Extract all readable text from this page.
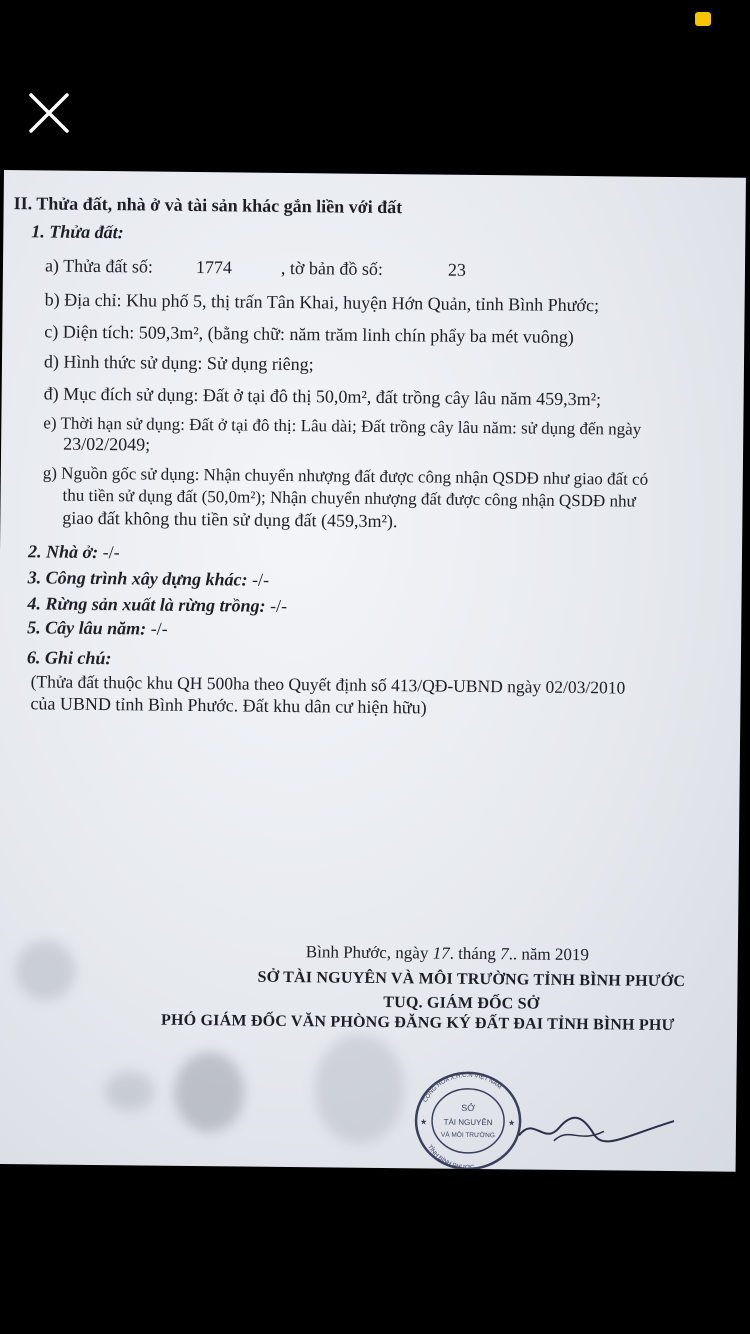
II. Thửa đất, nhà ở và tài sản khác gắn liền với đất
1. Thửa đất:
a) Thửa đất số: 1774	, tờ bản đồ số:	23
b) Địa chỉ: Khu phố 5, thị trấn Tân Khai, huyện Hớn Quản, tỉnh Bình Phước;
c) Diện tích: 509,3m², (bằng chữ: năm trăm linh chín phẩy ba mét vuông)
d) Hình thức sử dụng: Sử dụng riêng;
đ) Mục đích sử dụng: Đất ở tại đô thị 50,0m², đất trồng cây lâu năm 459,3m²;
e) Thời hạn sử dụng: Đất ở tại đô thị: Lâu dài; Đất trồng cây lâu năm: sử dụng đến ngày
23/02/2049;
g) Nguồn gốc sử dụng: Nhận chuyển nhượng đất được công nhận QSDĐ như giao đất có
thu tiền sử dụng đất (50,0m²); Nhận chuyển nhượng đất được công nhận QSDĐ như
giao đất không thu tiền sử dụng đất (459,3m²).
2. Nhà ở: -/-
3. Công trình xây dựng khác: -/-
4. Rừng sản xuất là rừng trồng: -/-
5. Cây lâu năm: -/-
6. Ghi chú:
(Thửa đất thuộc khu QH 500ha theo Quyết định số 413/QĐ-UBND ngày 02/03/2010
của UBND tỉnh Bình Phước. Đất khu dân cư hiện hữu)
Bình Phước, ngày 17. tháng 7.. năm 2019
SỞ TÀI NGUYÊN VÀ MÔI TRƯỜNG TỈNH BÌNH PHƯỚC
TUQ. GIÁM ĐỐC SỞ
PHÓ GIÁM ĐỐC VĂN PHÒNG ĐĂNG KÝ ĐẤT ĐAI TỈNH BÌNH PHƯ
SỞ
TÀI NGUYÊN
VÀ MÔI TRƯỜNG
CỘNG HÒA X.H.C.N VIỆT NAM
TỈNH BÌNH PHƯỚC
★	★
